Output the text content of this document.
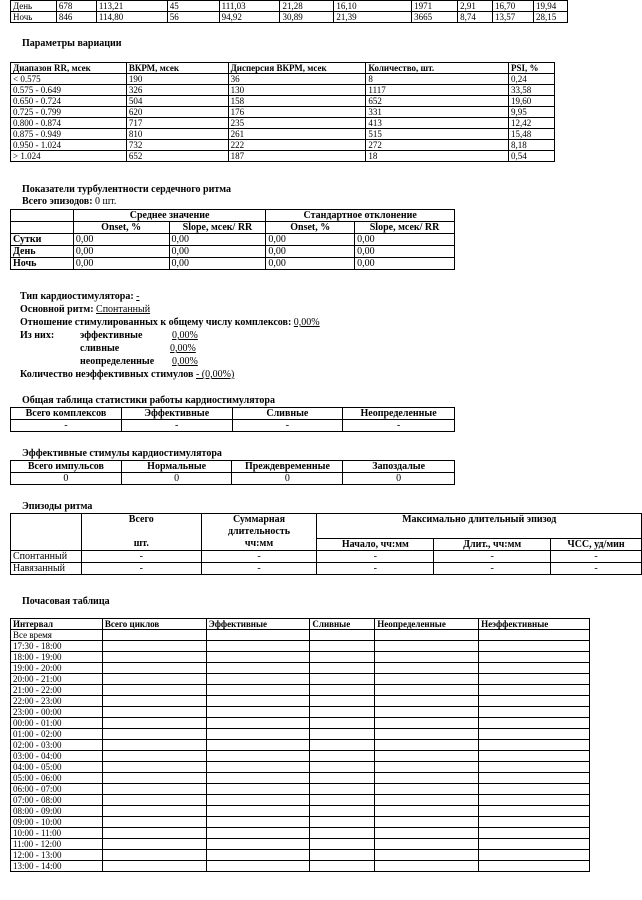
День	678	113,21	45	111,03	21,28	16,10	1971	2,91	16,70	19,94
Ночь	846	114,80	56	94,92	30,89	21,39	3665	8,74	13,57	28,15
Параметры вариации
Диапазон RR, мсек	ВКРМ, мсек	Дисперсия ВКРМ, мсек	Количество, шт.	PSI, %
< 0.575	190	36	8	0,24
0.575 - 0.649	326	130	1117	33,58
0.650 - 0.724	504	158	652	19,60
0.725 - 0.799	620	176	331	9,95
0.800 - 0.874	717	235	413	12,42
0.875 - 0.949	810	261	515	15,48
0.950 - 1.024	732	222	272	8,18
> 1.024	652	187	18	0,54
Показатели турбулентности сердечного ритма
Всего эпизодов: 0 шт.
	Среднее значение		Стандартное отклонение	
	Onset, %	Slope, мсек/ RR	Onset, %	Slope, мсек/ RR
Сутки	0,00	0,00	0,00	0,00
День	0,00	0,00	0,00	0,00
Ночь	0,00	0,00	0,00	0,00
Тип кардиостимулятора: -
Основной ритм: Спонтанный
Отношение стимулированных к общему числу комплексов: 0,00%
Из них:	эффективные	0,00%
сливные	0,00%
неопределенные 0,00%
Количество неэффективных стимулов - (0,00%)
Общая таблица статистики работы кардиостимулятора
Всего комплексов	Эффективные	Сливные	Неопределенные
-	-	-	-
Эффективные стимулы кардиостимулятора
Всего импульсов	Нормальные	Преждевременные	Запоздалые
0	0	0	0
Эпизоды ритма
	Всего	Суммарная длительность	Максимально длительный эпизод		
	шт.	чч:мм	Начало, чч:мм	Длит., чч:мм	ЧСС, уд/мин
Спонтанный	-	-	-	-	-
Навязанный	-	-	-	-	-
Почасовая таблица
Интервал	Всего циклов	Эффективные	Сливные	Неопределенные	Неэффективные
Все время					
17:30 - 18:00					
18:00 - 19:00					
19:00 - 20:00					
20:00 - 21:00					
21:00 - 22:00					
22:00 - 23:00					
23:00 - 00:00					
00:00 - 01:00					
01:00 - 02:00					
02:00 - 03:00					
03:00 - 04:00					
04:00 - 05:00					
05:00 - 06:00					
06:00 - 07:00					
07:00 - 08:00					
08:00 - 09:00					
09:00 - 10:00					
10:00 - 11:00					
11:00 - 12:00					
12:00 - 13:00					
13:00 - 14:00					
